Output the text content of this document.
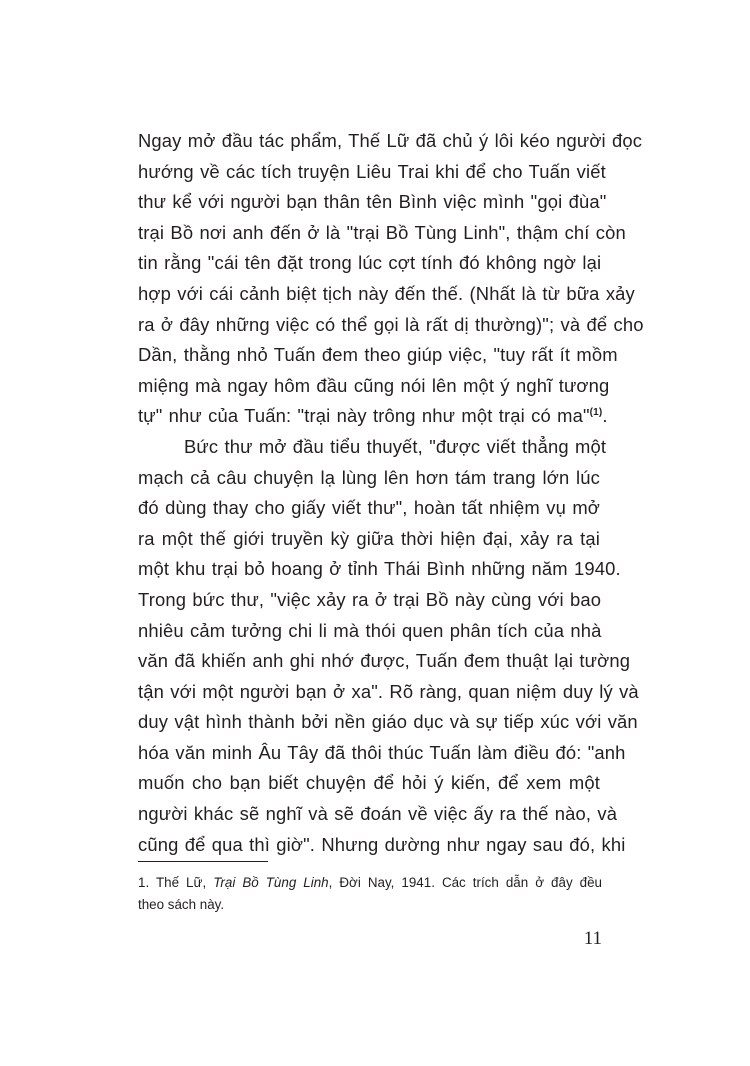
Ngay mở đầu tác phẩm, Thế Lữ đã chủ ý lôi kéo người đọc
hướng về các tích truyện Liêu Trai khi để cho Tuấn viết
thư kể với người bạn thân tên Bình việc mình "gọi đùa"
trại Bồ nơi anh đến ở là "trại Bồ Tùng Linh", thậm chí còn
tin rằng "cái tên đặt trong lúc cợt tính đó không ngờ lại
hợp với cái cảnh biệt tịch này đến thế. (Nhất là từ bữa xảy
ra ở đây những việc có thể gọi là rất dị thường)"; và để cho
Dần, thằng nhỏ Tuấn đem theo giúp việc, "tuy rất ít mồm
miệng mà ngay hôm đầu cũng nói lên một ý nghĩ tương
tự" như của Tuấn: "trại này trông như một trại có ma"$^{(1)}$.
Bức thư mở đầu tiểu thuyết, "được viết thẳng một
mạch cả câu chuyện lạ lùng lên hơn tám trang lớn lúc
đó dùng thay cho giấy viết thư", hoàn tất nhiệm vụ mở
ra một thế giới truyền kỳ giữa thời hiện đại, xảy ra tại
một khu trại bỏ hoang ở tỉnh Thái Bình những năm 1940.
Trong bức thư, "việc xảy ra ở trại Bồ này cùng với bao
nhiêu cảm tưởng chi li mà thói quen phân tích của nhà
văn đã khiến anh ghi nhớ được, Tuấn đem thuật lại tường
tận với một người bạn ở xa". Rõ ràng, quan niệm duy lý và
duy vật hình thành bởi nền giáo dục và sự tiếp xúc với văn
hóa văn minh Âu Tây đã thôi thúc Tuấn làm điều đó: "anh
muốn cho bạn biết chuyện để hỏi ý kiến, để xem một
người khác sẽ nghĩ và sẽ đoán về việc ấy ra thế nào, và
cũng để qua thì giờ". Nhưng dường như ngay sau đó, khi
1. Thế Lữ, Trại Bồ Tùng Linh, Đời Nay, 1941. Các trích dẫn ở đây đều
theo sách này.
11
